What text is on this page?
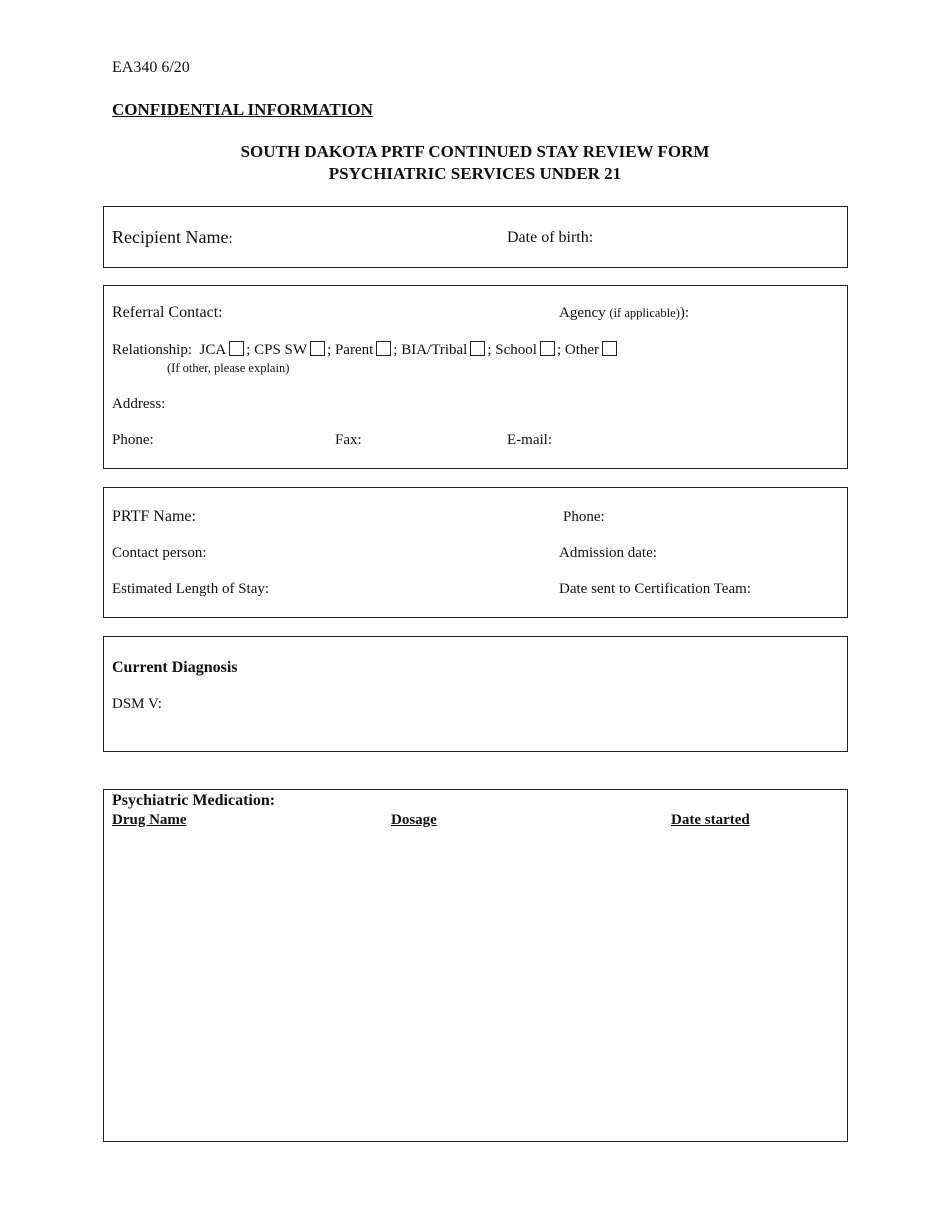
EA340 6/20
CONFIDENTIAL INFORMATION
SOUTH DAKOTA PRTF CONTINUED STAY REVIEW FORM
PSYCHIATRIC SERVICES UNDER 21
Recipient Name:	Date of birth:
Referral Contact:	Agency (if applicable)):
Relationship: JCA ; CPS SW ; Parent ; BIA/Tribal ; School ; Other
(If other, please explain)
Address:
Phone:	Fax:	E-mail:
PRTF Name:	Phone:
Contact person:	Admission date:
Estimated Length of Stay:	Date sent to Certification Team:
Current Diagnosis
DSM V:
Psychiatric Medication:
Drug Name	Dosage	Date started
